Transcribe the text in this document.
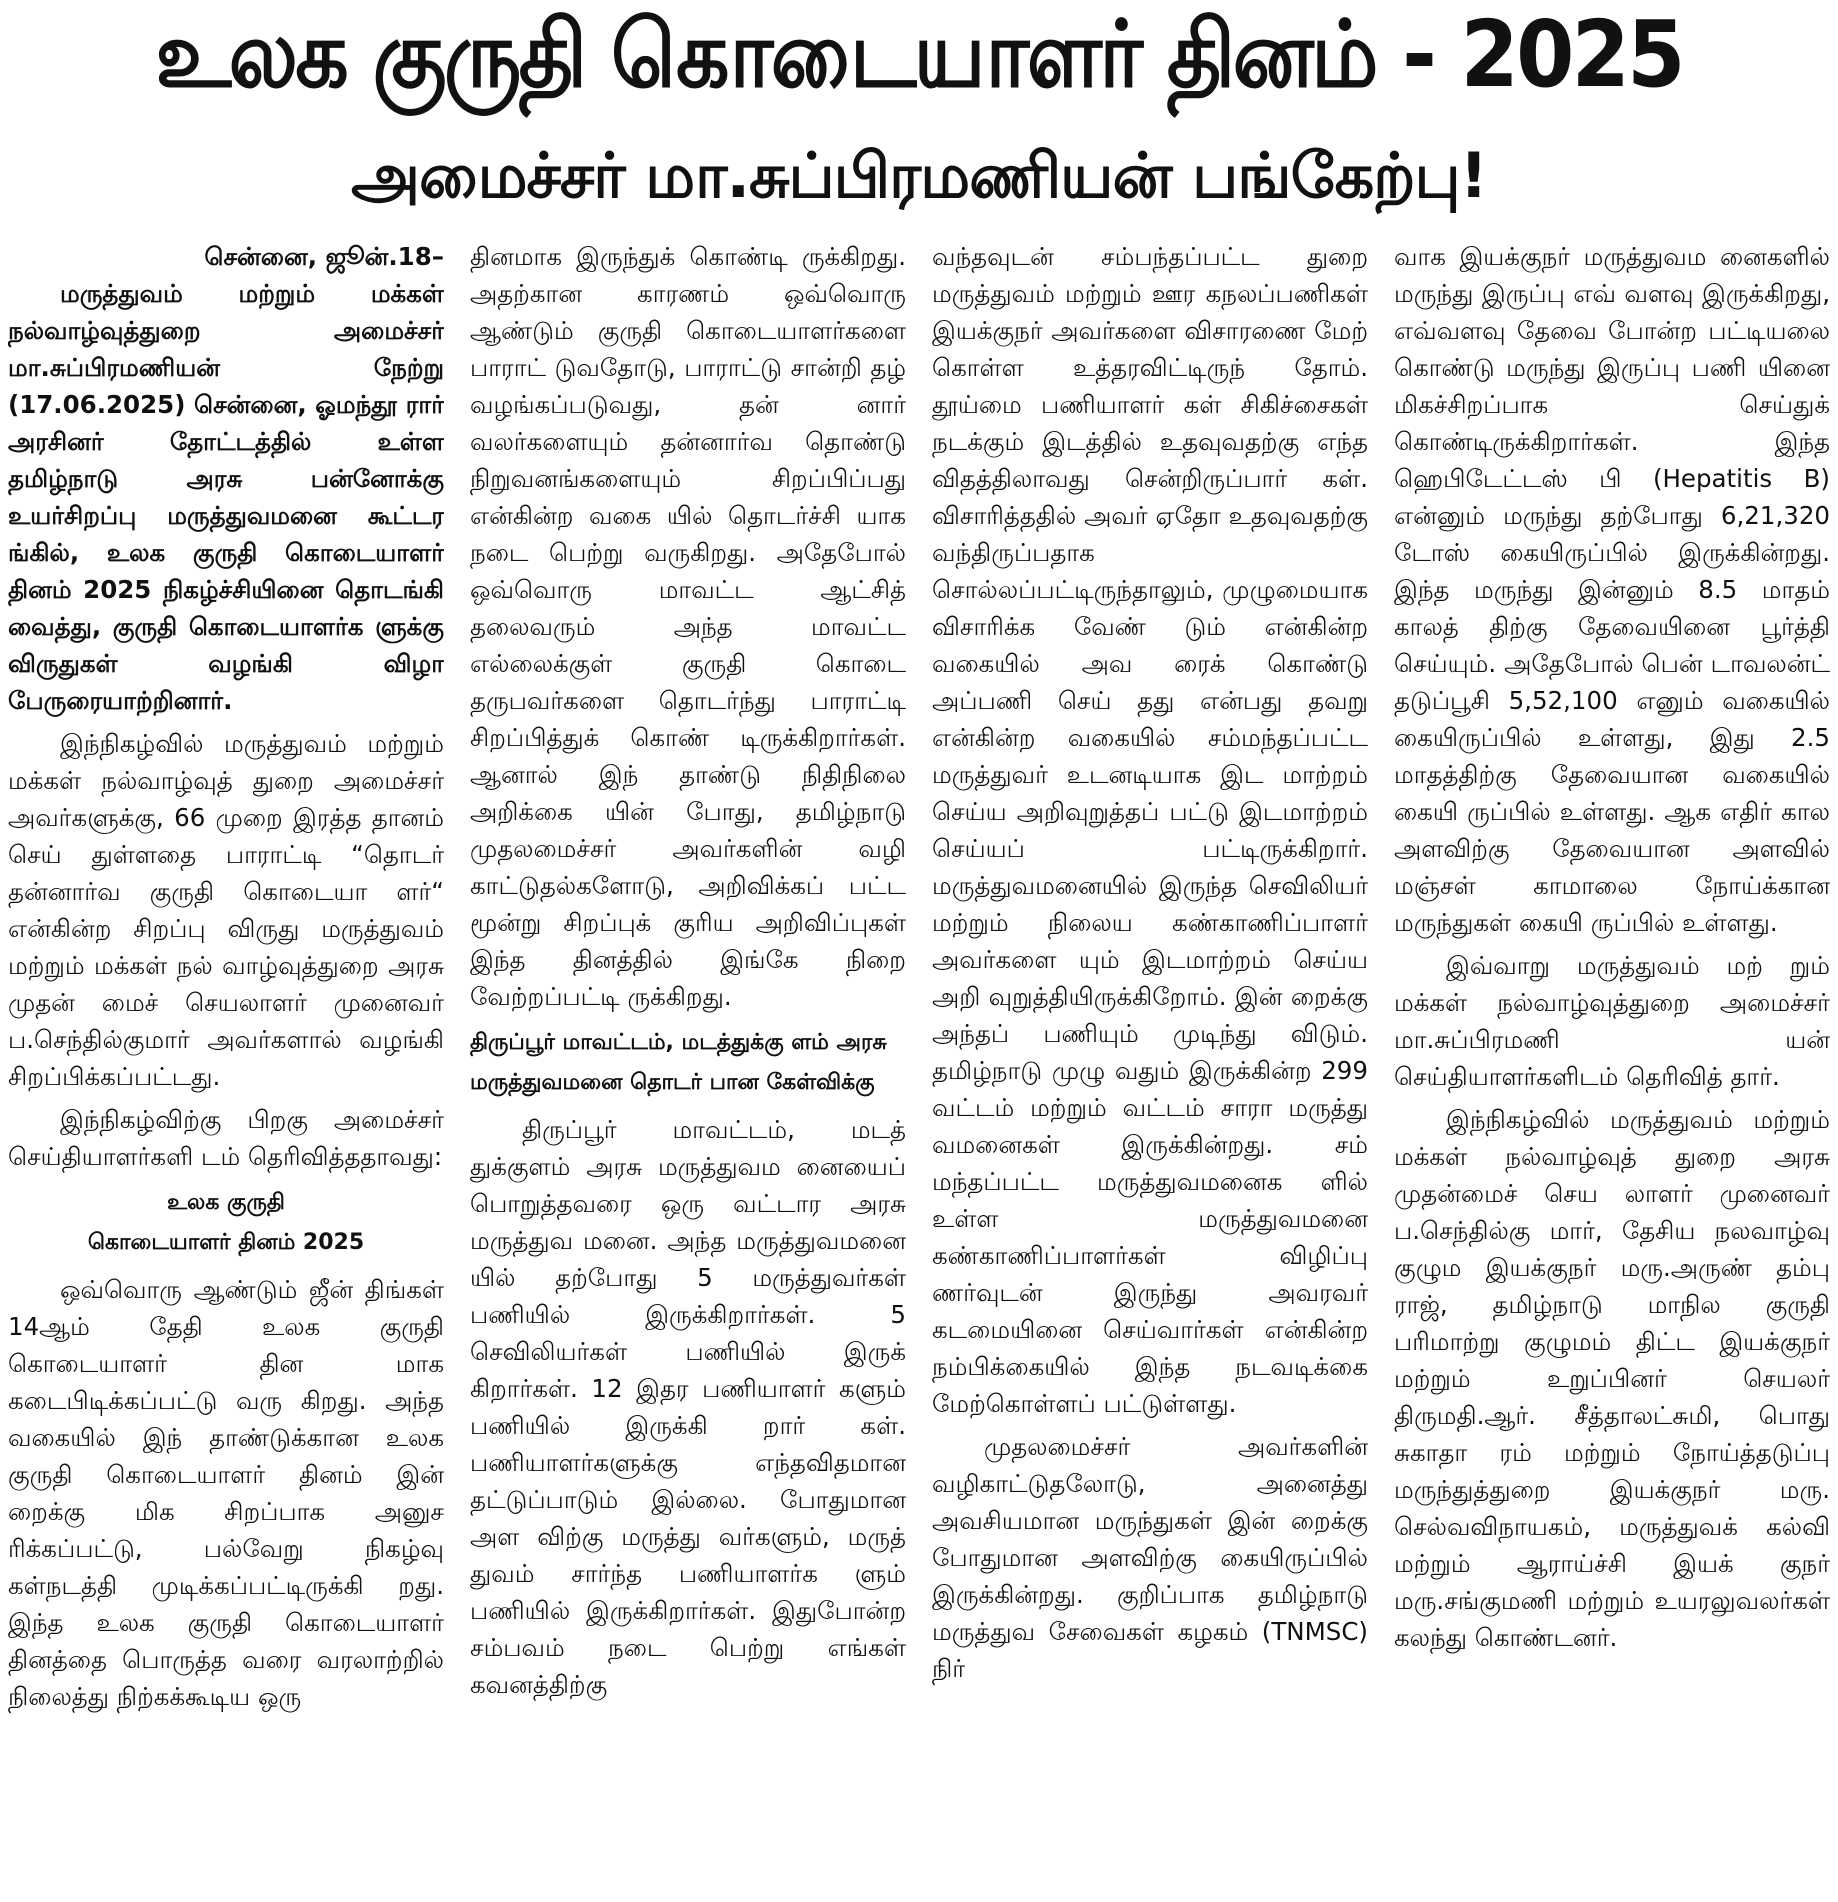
உலக குருதி கொடையாளர் தினம் - 2025
அமைச்சர் மா.சுப்பிரமணியன் பங்கேற்பு!
சென்னை, ஜூன்.18–

மருத்துவம் மற்றும் மக்கள் நல்வாழ்வுத்துறை அமைச்சர் மா.சுப்பிரமணியன் நேற்று (17.06.2025) சென்னை, ஓமந்தூ ரார் அரசினர் தோட்டத்தில் உள்ள தமிழ்நாடு அரசு பன்னோக்கு உயர்சிறப்பு மருத்துவமனை கூட்டர ங்கில், உலக குருதி கொடையாளர் தினம் 2025 நிகழ்ச்சியினை தொடங்கி வைத்து, குருதி கொடையாளர்க ளுக்கு விருதுகள் வழங்கி விழா பேருரையாற்றினார்.

இந்நிகழ்வில் மருத்துவம் மற்றும் மக்கள் நல்வாழ்வுத் துறை அமைச்சர் அவர்களுக்கு, 66 முறை இரத்த தானம் செய் துள்ளதை பாராட்டி “தொடர் தன்னார்வ குருதி கொடையா ளர்“ என்கின்ற சிறப்பு விருது மருத்துவம் மற்றும் மக்கள் நல் வாழ்வுத்துறை அரசு முதன் மைச் செயலாளர் முனைவர் ப.செந்தில்குமார் அவர்களால் வழங்கி சிறப்பிக்கப்பட்டது.

இந்நிகழ்விற்கு பிறகு அமைச்சர் செய்தியாளர்களி டம் தெரிவித்ததாவது:

உலக குருதி
கொடையாளர் தினம் 2025

ஒவ்வொரு ஆண்டும் ஜீன் திங்கள் 14ஆம் தேதி உலக குருதி கொடையாளர் தின மாக கடைபிடிக்கப்பட்டு வரு கிறது. அந்த வகையில் இந் தாண்டுக்கான உலக குருதி கொடையாளர் தினம் இன் றைக்கு மிக சிறப்பாக அனுச ரிக்கப்பட்டு, பல்வேறு நிகழ்வு கள்நடத்தி முடிக்கப்பட்டிருக்கி றது. இந்த உலக குருதி கொடையாளர் தினத்தை பொருத்த வரை வரலாற்றில் நிலைத்து நிற்கக்கூடிய ஒரு

தினமாக இருந்துக் கொண்டி ருக்கிறது. அதற்கான காரணம் ஒவ்வொரு ஆண்டும் குருதி கொடையாளர்களை பாராட் டுவதோடு, பாராட்டு சான்றி தழ் வழங்கப்படுவது, தன் னார் வலர்களையும் தன்னார்வ தொண்டு நிறுவனங்களையும் சிறப்பிப்பது என்கின்ற வகை யில் தொடர்ச்சி யாக நடை பெற்று வருகிறது. அதேபோல் ஒவ்வொரு மாவட்ட ஆட்சித் தலைவரும் அந்த மாவட்ட எல்லைக்குள் குருதி கொடை தருபவர்களை தொடர்ந்து பாராட்டி சிறப்பித்துக் கொண் டிருக்கிறார்கள். ஆனால் இந் தாண்டு நிதிநிலை அறிக்கை யின் போது, தமிழ்நாடு முதலமைச்சர் அவர்களின் வழி காட்டுதல்களோடு, அறிவிக்கப் பட்ட மூன்று சிறப்புக் குரிய அறிவிப்புகள் இந்த தினத்தில் இங்கே நிறை வேற்றப்பட்டி ருக்கிறது.

திருப்பூர் மாவட்டம், மடத்துக்கு ளம் அரசு மருத்துவமனை தொடர் பான கேள்விக்கு

திருப்பூர் மாவட்டம், மடத் துக்குளம் அரசு மருத்துவம னையைப் பொறுத்தவரை ஒரு வட்டார அரசு மருத்துவ மனை. அந்த மருத்துவமனை யில் தற்போது 5 மருத்துவர்கள் பணியில் இருக்கிறார்கள். 5 செவிலியர்கள் பணியில் இருக் கிறார்கள். 12 இதர பணியாளர் களும் பணியில் இருக்கி றார் கள். பணியாளர்களுக்கு எந்தவிதமான தட்டுப்பாடும் இல்லை. போதுமான அள விற்கு மருத்து வர்களும், மருத் துவம் சார்ந்த பணியாளர்க ளும் பணியில் இருக்கிறார்கள். இதுபோன்ற சம்பவம் நடை பெற்று எங்கள் கவனத்திற்கு

வந்தவுடன் சம்பந்தப்பட்ட துறை மருத்துவம் மற்றும் ஊர கநலப்பணிகள் இயக்குநர் அவர்களை விசாரணை மேற் கொள்ள உத்தரவிட்டிருந் தோம். தூய்மை பணியாளர் கள் சிகிச்சைகள் நடக்கும் இடத்தில் உதவுவதற்கு எந்த விதத்திலாவது சென்றிருப்பார் கள். விசாரித்ததில் அவர் ஏதோ உதவுவதற்கு வந்திருப்பதாக சொல்லப்பட்டிருந்தாலும், முழுமையாக விசாரிக்க வேண் டும் என்கின்ற வகையில் அவ ரைக் கொண்டு அப்பணி செய் தது என்பது தவறு என்கின்ற வகையில் சம்மந்தப்பட்ட மருத்துவர் உடனடியாக இட மாற்றம் செய்ய அறிவுறுத்தப் பட்டு இடமாற்றம் செய்யப் பட்டிருக்கிறார். மருத்துவமனையில் இருந்த செவிலியர் மற்றும் நிலைய கண்காணிப்பாளர் அவர்களை யும் இடமாற்றம் செய்ய அறி வுறுத்தியிருக்கிறோம். இன் றைக்கு அந்தப் பணியும் முடிந்து விடும். தமிழ்நாடு முழு வதும் இருக்கின்ற 299 வட்டம் மற்றும் வட்டம் சாரா மருத்து வமனைகள் இருக்கின்றது. சம் மந்தப்பட்ட மருத்துவமனைக ளில் உள்ள மருத்துவமனை கண்காணிப்பாளர்கள் விழிப்பு ணர்வுடன் இருந்து அவரவர் கடமையினை செய்வார்கள் என்கின்ற நம்பிக்கையில் இந்த நடவடிக்கை மேற்கொள்ளப் பட்டுள்ளது.

முதலமைச்சர் அவர்களின் வழிகாட்டுதலோடு, அனைத்து அவசியமான மருந்துகள் இன் றைக்கு போதுமான அளவிற்கு கையிருப்பில் இருக்கின்றது. குறிப்பாக தமிழ்நாடு மருத்துவ சேவைகள் கழகம் (TNMSC) நிர்

வாக இயக்குநர் மருத்துவம னைகளில் மருந்து இருப்பு எவ் வளவு இருக்கிறது, எவ்வளவு தேவை போன்ற பட்டியலை கொண்டு மருந்து இருப்பு பணி யினை மிகச்சிறப்பாக செய்துக் கொண்டிருக்கிறார்கள். இந்த ஹெபிடேட்டஸ் பி (Hepatitis B) என்னும் மருந்து தற்போது 6,21,320 டோஸ் கையிருப்பில் இருக்கின்றது. இந்த மருந்து இன்னும் 8.5 மாதம் காலத் திற்கு தேவையினை பூர்த்தி செய்யும். அதேபோல் பென் டாவலன்ட் தடுப்பூசி 5,52,100 எனும் வகையில் கையிருப்பில் உள்ளது, இது 2.5 மாதத்திற்கு தேவையான வகையில் கையி ருப்பில் உள்ளது. ஆக எதிர் கால அளவிற்கு தேவையான அளவில் மஞ்சள் காமாலை நோய்க்கான மருந்துகள் கையி ருப்பில் உள்ளது.

இவ்வாறு மருத்துவம் மற் றும் மக்கள் நல்வாழ்வுத்துறை அமைச்சர் மா.சுப்பிரமணி யன் செய்தியாளர்களிடம் தெரிவித் தார்.

இந்நிகழ்வில் மருத்துவம் மற்றும் மக்கள் நல்வாழ்வுத் துறை அரசு முதன்மைச் செய லாளர் முனைவர் ப.செந்தில்கு மார், தேசிய நலவாழ்வு குழும இயக்குநர் மரு.அருண் தம்பு ராஜ், தமிழ்நாடு மாநில குருதி பரிமாற்று குழுமம் திட்ட இயக்குநர் மற்றும் உறுப்பினர் செயலர் திருமதி.ஆர். சீத்தாலட்சுமி, பொது சுகாதா ரம் மற்றும் நோய்த்தடுப்பு மருந்துத்துறை இயக்குநர் மரு. செல்வவிநாயகம், மருத்துவக் கல்வி மற்றும் ஆராய்ச்சி இயக் குநர் மரு.சங்குமணி மற்றும் உயரலுவலர்கள் கலந்து கொண்டனர்.
